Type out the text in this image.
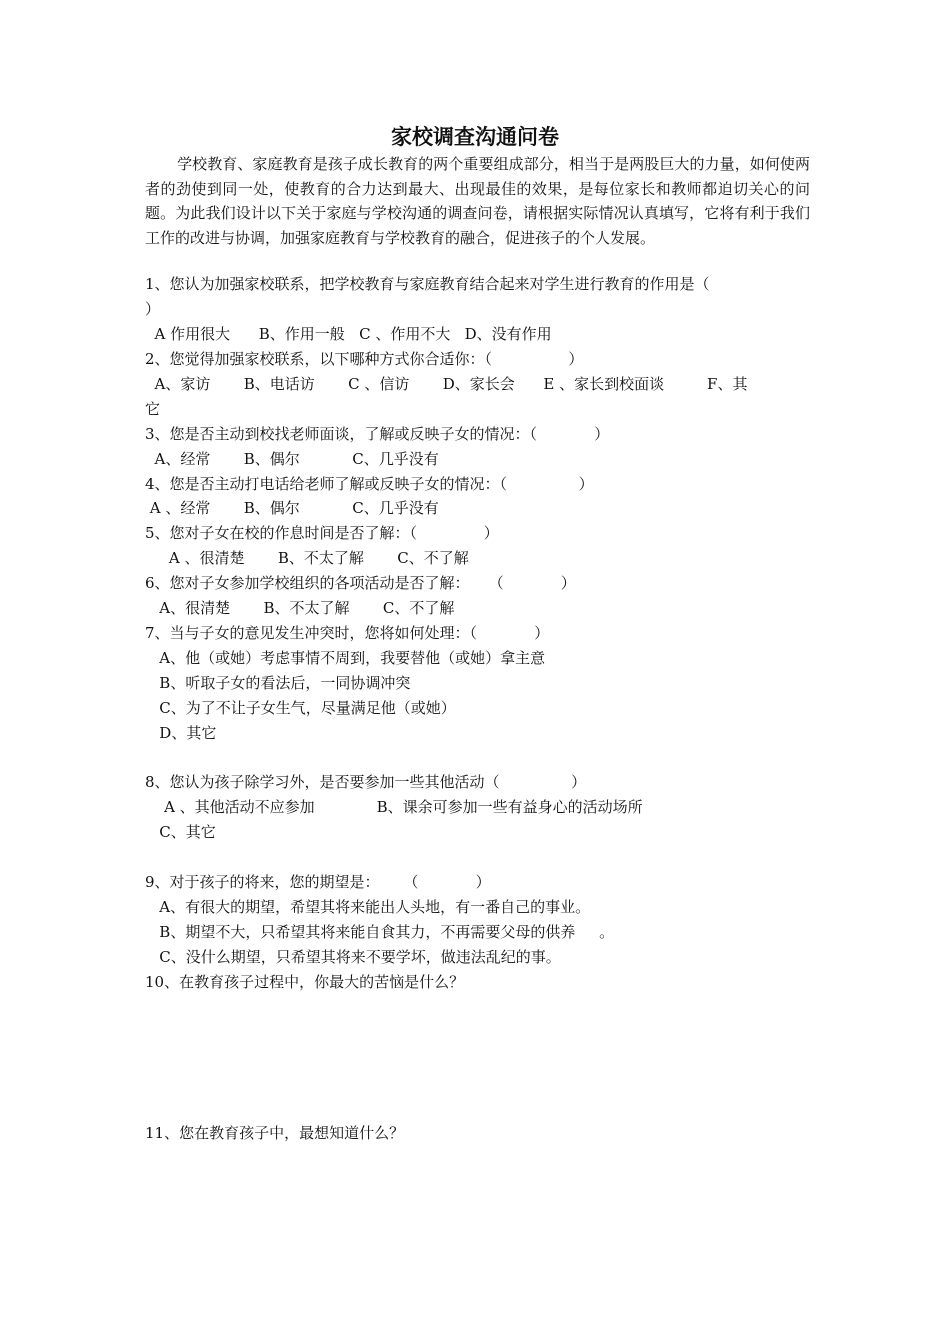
家校调查沟通问卷
学校教育、家庭教育是孩子成长教育的两个重要组成部分，相当于是两股巨大的力量，如何使两者的劲使到同一处，使教育的合力达到最大、出现最佳的效果，是每位家长和教师都迫切关心的问题。为此我们设计以下关于家庭与学校沟通的调查问卷，请根据实际情况认真填写，它将有利于我们工作的改进与协调，加强家庭教育与学校教育的融合，促进孩子的个人发展。
1、您认为加强家校联系，把学校教育与家庭教育结合起来对学生进行教育的作用是（
）
A 作用很大      B、作用一般   C 、作用不大   D、没有作用
2、您觉得加强家校联系，以下哪种方式你合适你：（                ）
A、家访       B、电话访       C 、信访       D、家长会      E 、家长到校面谈         F、其
它
3、您是否主动到校找老师面谈，了解或反映子女的情况：（            ）
A、经常       B、偶尔           C、几乎没有
4、您是否主动打电话给老师了解或反映子女的情况：（               ）
A 、经常       B、偶尔           C、几乎没有
5、您对子女在校的作息时间是否了解：（              ）
A 、很清楚       B、不太了解       C、不了解
6、您对子女参加学校组织的各项活动是否了解：    （            ）
A、很清楚       B、不太了解       C、不了解
7、当与子女的意见发生冲突时，您将如何处理：（            ）
A、他（或她）考虑事情不周到，我要替他（或她）拿主意
B、听取子女的看法后，一同协调冲突
C、为了不让子女生气，尽量满足他（或她）
D、其它
8、您认为孩子除学习外，是否要参加一些其他活动（               ）
A 、其他活动不应参加             B、课余可参加一些有益身心的活动场所
C、其它
9、对于孩子的将来，您的期望是：     （            ）
A、有很大的期望，希望其将来能出人头地，有一番自己的事业。
B、期望不大，只希望其将来能自食其力，不再需要父母的供养     。
C、没什么期望，只希望其将来不要学坏，做违法乱纪的事。
10、在教育孩子过程中，你最大的苦恼是什么？
11、您在教育孩子中，最想知道什么？
